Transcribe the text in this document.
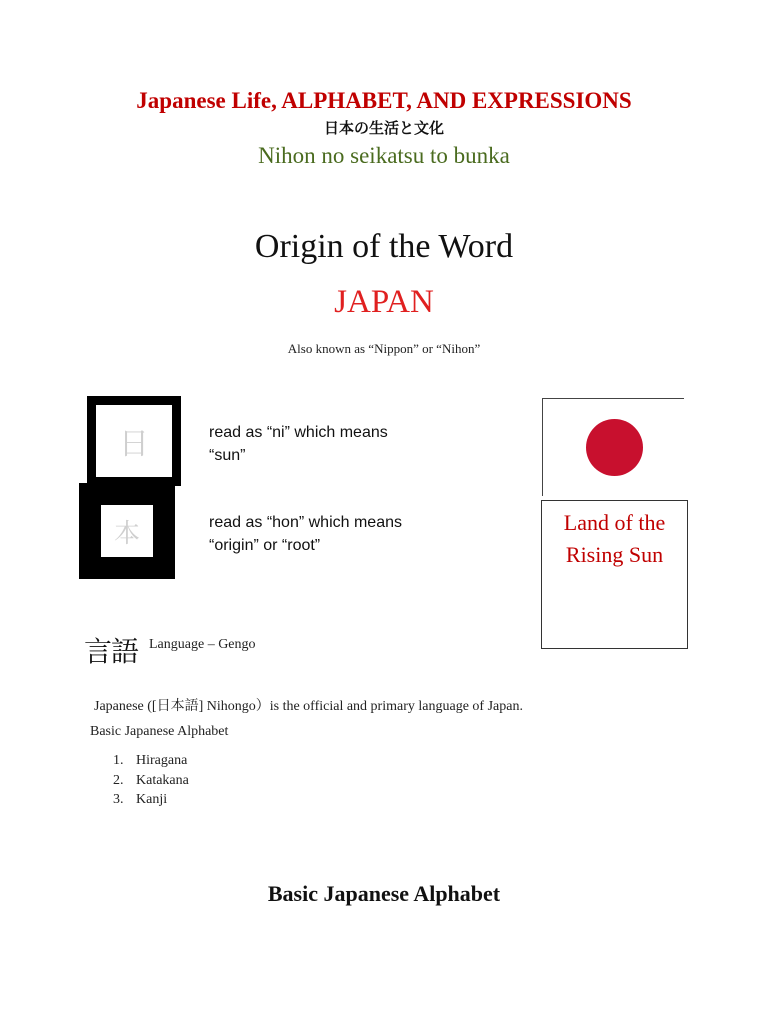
Japanese Life, ALPHABET, AND EXPRESSIONS
日本の生活と文化
Nihon no seikatsu to bunka
Origin of the Word
JAPAN
Also known as “Nippon” or “Nihon”
日	read as “ni” which means “sun”
本	read as “hon” which means “origin” or “root”
Land of the Rising Sun
言語 Language – Gengo
Japanese ([日本語] Nihongo）is the official and primary language of Japan.
Basic Japanese Alphabet
1. Hiragana
2. Katakana
3. Kanji
Basic Japanese Alphabet
